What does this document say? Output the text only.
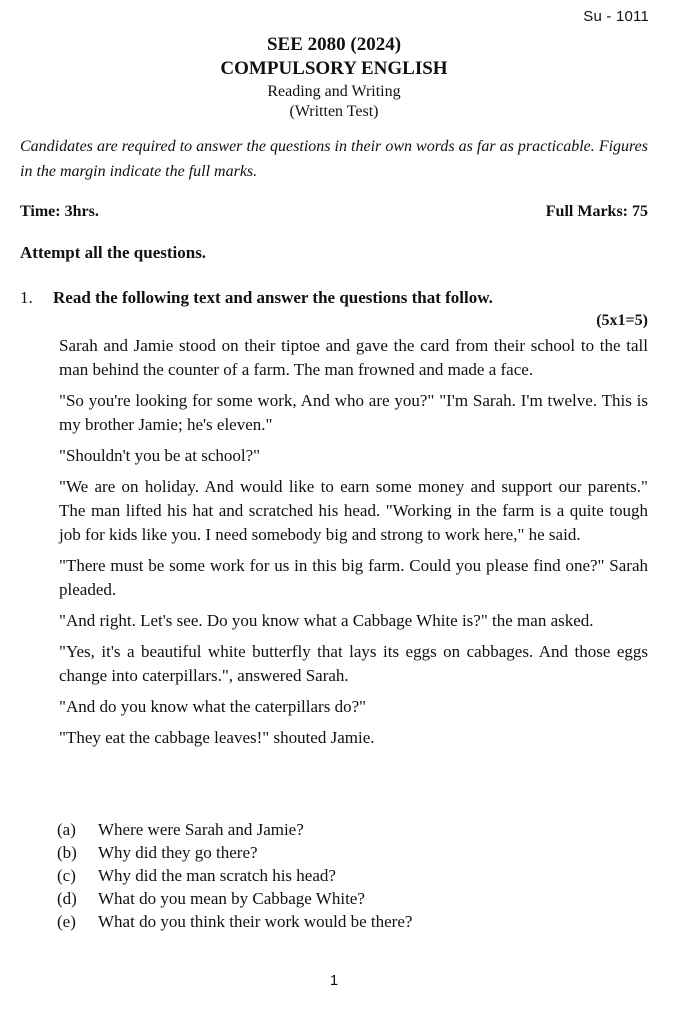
Su - 1011
SEE 2080 (2024)
COMPULSORY ENGLISH
Reading and Writing
(Written Test)
Candidates are required to answer the questions in their own words as far as practicable. Figures in the margin indicate the full marks.
Time: 3hrs.	Full Marks: 75
Attempt all the questions.
1.	Read the following text and answer the questions that follow.
(5x1=5)

Sarah and Jamie stood on their tiptoe and gave the card from their school to the tall man behind the counter of a farm. The man frowned and made a face.

"So you're looking for some work, And who are you?" "I'm Sarah. I'm twelve. This is my brother Jamie; he's eleven."

"Shouldn't you be at school?"

"We are on holiday. And would like to earn some money and support our parents." The man lifted his hat and scratched his head. "Working in the farm is a quite tough job for kids like you. I need somebody big and strong to work here," he said.

"There must be some work for us in this big farm. Could you please find one?" Sarah pleaded.

"And right. Let's see. Do you know what a Cabbage White is?" the man asked.

"Yes, it's a beautiful white butterfly that lays its eggs on cabbages. And those eggs change into caterpillars.", answered Sarah.

"And do you know what the caterpillars do?"

"They eat the cabbage leaves!" shouted Jamie.

(a)	Where were Sarah and Jamie?
(b)	Why did they go there?
(c)	Why did the man scratch his head?
(d)	What do you mean by Cabbage White?
(e)	What do you think their work would be there?
1
